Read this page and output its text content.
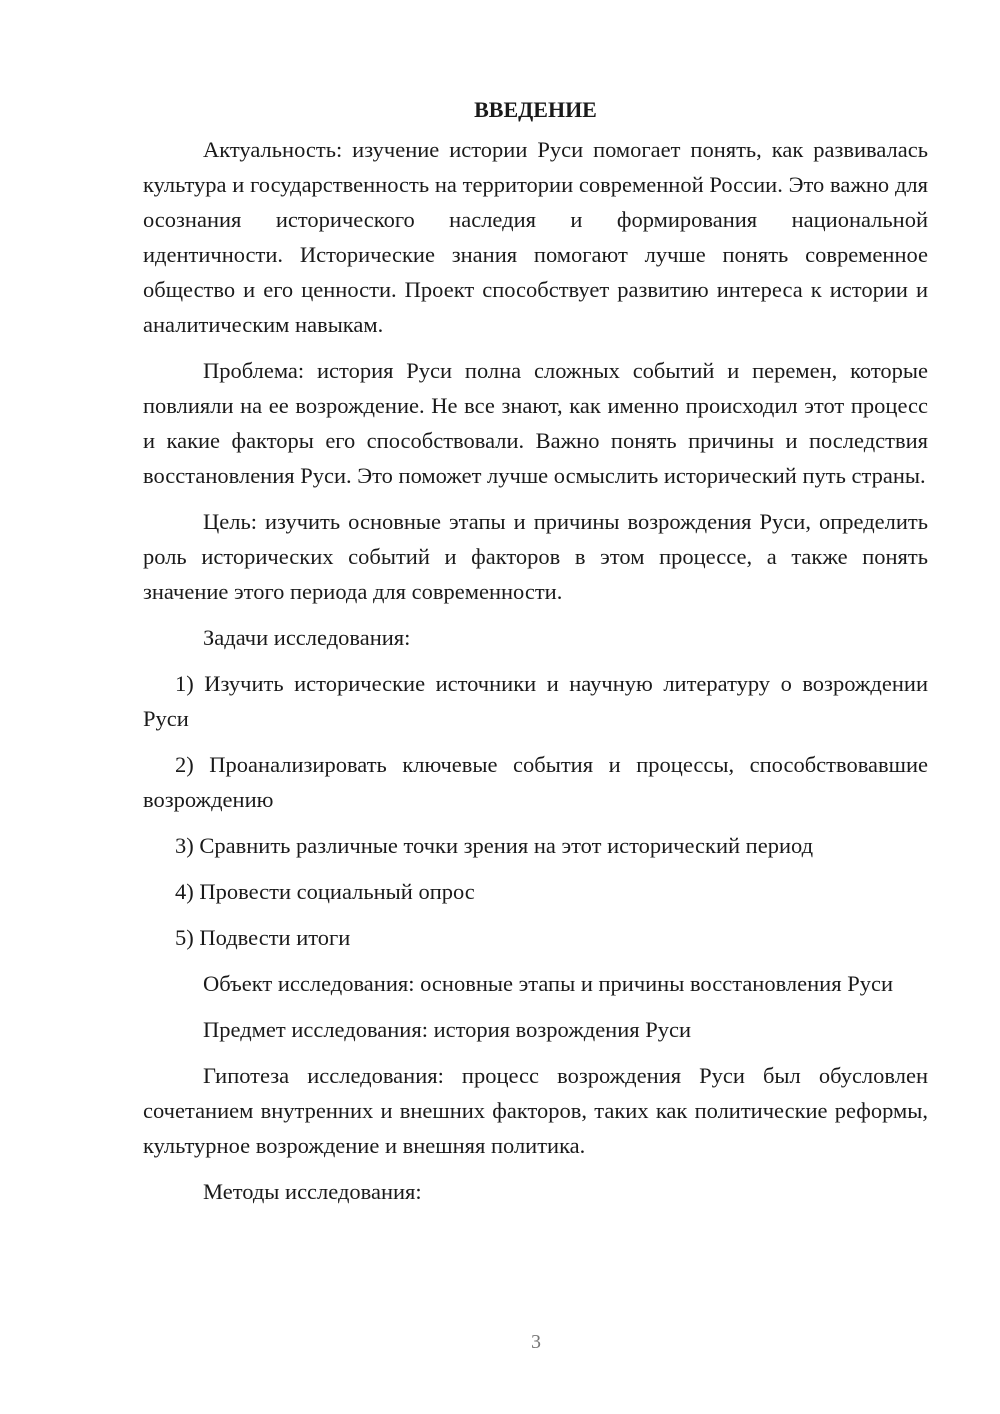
ВВЕДЕНИЕ

Актуальность: изучение истории Руси помогает понять, как развивалась культура и государственность на территории современной России. Это важно для осознания исторического наследия и формирования национальной идентичности. Исторические знания помогают лучше понять современное общество и его ценности. Проект способствует развитию интереса к истории и аналитическим навыкам.

Проблема: история Руси полна сложных событий и перемен, которые повлияли на ее возрождение. Не все знают, как именно происходил этот процесс и какие факторы его способствовали. Важно понять причины и последствия восстановления Руси. Это поможет лучше осмыслить исторический путь страны.

Цель: изучить основные этапы и причины возрождения Руси, определить роль исторических событий и факторов в этом процессе, а также понять значение этого периода для современности.

Задачи исследования:

1) Изучить исторические источники и научную литературу о возрождении Руси

2) Проанализировать ключевые события и процессы, способствовавшие возрождению

3) Сравнить различные точки зрения на этот исторический период

4) Провести социальный опрос

5) Подвести итоги

Объект исследования: основные этапы и причины восстановления Руси

Предмет исследования: история возрождения Руси

Гипотеза исследования: процесс возрождения Руси был обусловлен сочетанием внутренних и внешних факторов, таких как политические реформы, культурное возрождение и внешняя политика.

Методы исследования:

3
